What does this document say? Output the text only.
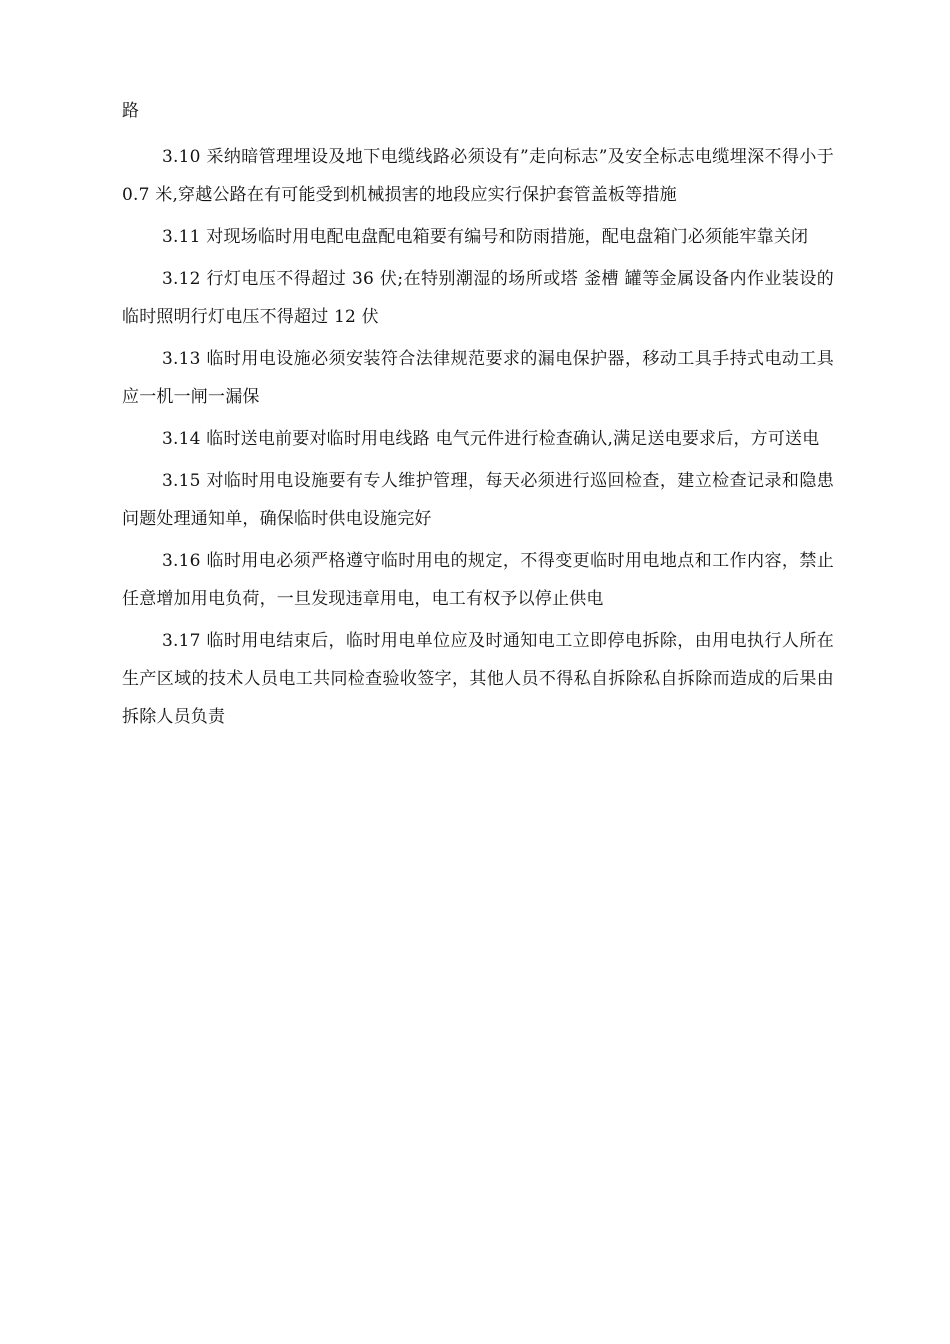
路

3.10 采纳暗管理埋设及地下电缆线路必须设有”走向标志”及安全标志电缆埋深不得小于 0.7 米,穿越公路在有可能受到机械损害的地段应实行保护套管盖板等措施

3.11 对现场临时用电配电盘配电箱要有编号和防雨措施，配电盘箱门必须能牢靠关闭

3.12 行灯电压不得超过 36 伏;在特别潮湿的场所或塔 釜槽 罐等金属设备内作业装设的临时照明行灯电压不得超过 12 伏

3.13 临时用电设施必须安装符合法律规范要求的漏电保护器，移动工具手持式电动工具应一机一闸一漏保

3.14 临时送电前要对临时用电线路 电气元件进行检查确认,满足送电要求后，方可送电

3.15 对临时用电设施要有专人维护管理，每天必须进行巡回检查，建立检查记录和隐患问题处理通知单，确保临时供电设施完好

3.16 临时用电必须严格遵守临时用电的规定，不得变更临时用电地点和工作内容，禁止任意增加用电负荷，一旦发现违章用电，电工有权予以停止供电

3.17 临时用电结束后，临时用电单位应及时通知电工立即停电拆除，由用电执行人所在生产区域的技术人员电工共同检查验收签字，其他人员不得私自拆除私自拆除而造成的后果由拆除人员负责
